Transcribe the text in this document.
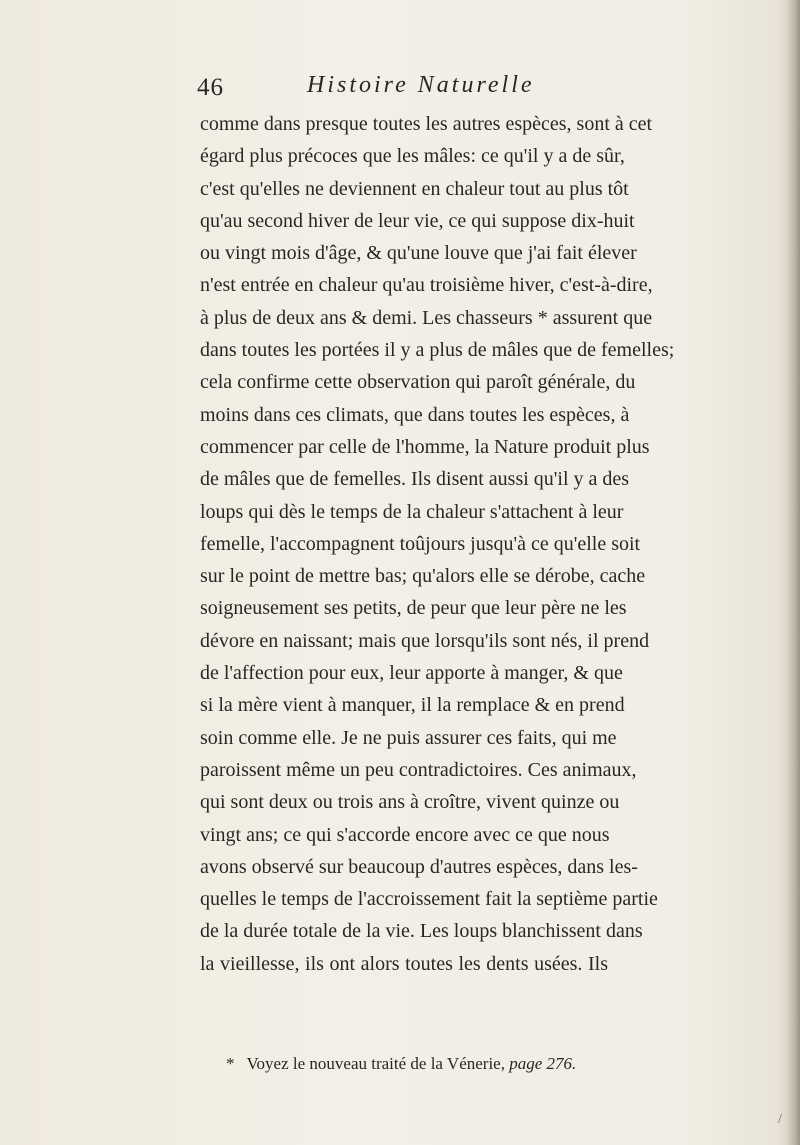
46	Histoire Naturelle
comme dans presque toutes les autres espèces, sont à cet
égard plus précoces que les mâles: ce qu'il y a de sûr,
c'est qu'elles ne deviennent en chaleur tout au plus tôt
qu'au second hiver de leur vie, ce qui suppose dix-huit
ou vingt mois d'âge, & qu'une louve que j'ai fait élever
n'est entrée en chaleur qu'au troisième hiver, c'est-à-dire,
à plus de deux ans & demi. Les chasseurs * assurent que
dans toutes les portées il y a plus de mâles que de femelles;
cela confirme cette observation qui paroît générale, du
moins dans ces climats, que dans toutes les espèces, à
commencer par celle de l'homme, la Nature produit plus
de mâles que de femelles. Ils disent aussi qu'il y a des
loups qui dès le temps de la chaleur s'attachent à leur
femelle, l'accompagnent toûjours jusqu'à ce qu'elle soit
sur le point de mettre bas; qu'alors elle se dérobe, cache
soigneusement ses petits, de peur que leur père ne les
dévore en naissant; mais que lorsqu'ils sont nés, il prend
de l'affection pour eux, leur apporte à manger, & que
si la mère vient à manquer, il la remplace & en prend
soin comme elle. Je ne puis assurer ces faits, qui me
paroissent même un peu contradictoires. Ces animaux,
qui sont deux ou trois ans à croître, vivent quinze ou
vingt ans; ce qui s'accorde encore avec ce que nous
avons observé sur beaucoup d'autres espèces, dans les-
quelles le temps de l'accroissement fait la septième partie
de la durée totale de la vie. Les loups blanchissent dans
la vieillesse, ils ont alors toutes les dents usées. Ils
* Voyez le nouveau traité de la Vénerie, page 276.
/
